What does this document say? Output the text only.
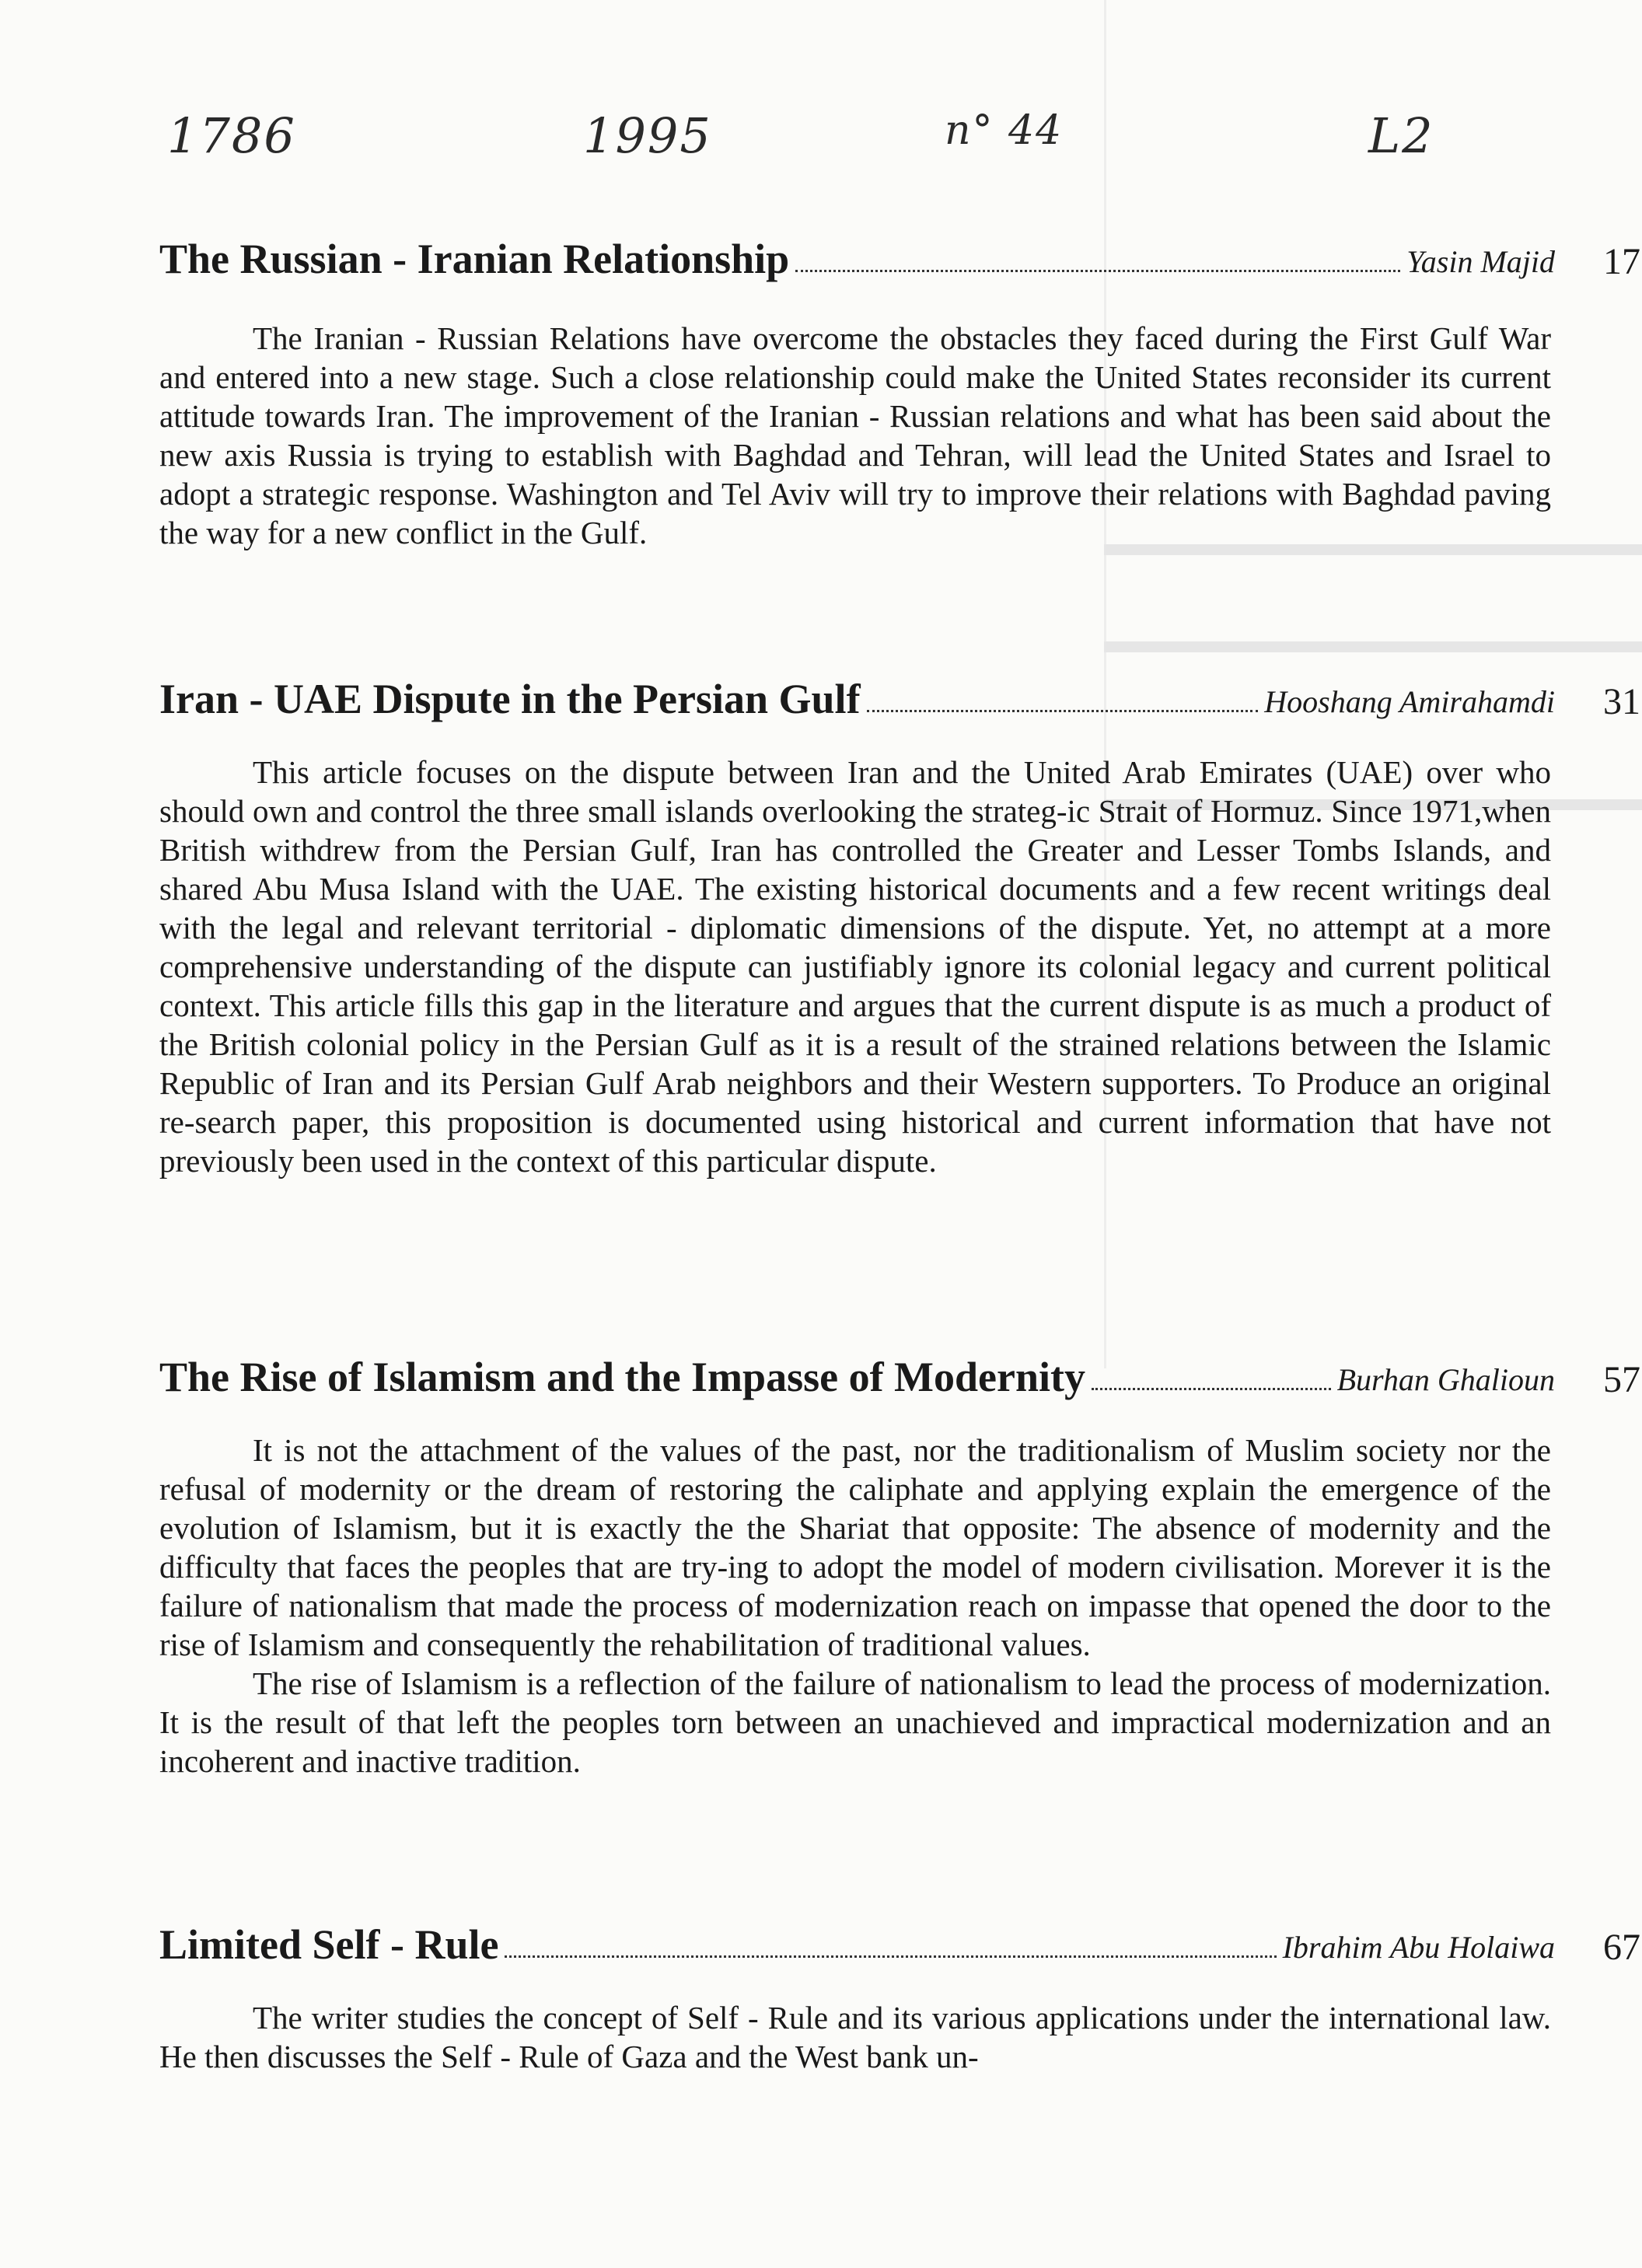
1786	1995	n° 44	L2
The Russian - Iranian Relationship	Yasin Majid 17

The Iranian - Russian Relations have overcome the obstacles they faced during the First Gulf War and entered into a new stage. Such a close relationship could make the United States reconsider its current attitude towards Iran. The improvement of the Iranian - Russian relations and what has been said about the new axis Russia is trying to establish with Baghdad and Tehran, will lead the United States and Israel to adopt a strategic response. Washington and Tel Aviv will try to improve their relations with Baghdad paving the way for a new conflict in the Gulf.

Iran - UAE Dispute in the Persian Gulf	Hooshang Amirahamdi 31

This article focuses on the dispute between Iran and the United Arab Emirates (UAE) over who should own and control the three small islands overlooking the strateg-ic Strait of Hormuz. Since 1971,when British withdrew from the Persian Gulf, Iran has controlled the Greater and Lesser Tombs Islands, and shared Abu Musa Island with the UAE. The existing historical documents and a few recent writings deal with the legal and relevant territorial - diplomatic dimensions of the dispute. Yet, no attempt at a more comprehensive understanding of the dispute can justifiably ignore its colonial legacy and current political context. This article fills this gap in the literature and argues that the current dispute is as much a product of the British colonial policy in the Persian Gulf as it is a result of the strained relations between the Islamic Republic of Iran and its Persian Gulf Arab neighbors and their Western supporters. To Produce an original re-search paper, this proposition is documented using historical and current information that have not previously been used in the context of this particular dispute.

The Rise of Islamism and the Impasse of Modernity	Burhan Ghalioun 57

It is not the attachment of the values of the past, nor the traditionalism of Muslim society nor the refusal of modernity or the dream of restoring the caliphate and applying explain the emergence of the evolution of Islamism, but it is exactly the the Shariat that opposite: The absence of modernity and the difficulty that faces the peoples that are try-ing to adopt the model of modern civilisation. Morever it is the failure of nationalism that made the process of modernization reach on impasse that opened the door to the rise of Islamism and consequently the rehabilitation of traditional values.

The rise of Islamism is a reflection of the failure of nationalism to lead the process of modernization. It is the result of that left the peoples torn between an unachieved and impractical modernization and an incoherent and inactive tradition.

Limited Self - Rule	Ibrahim Abu Holaiwa 67

The writer studies the concept of Self - Rule and its various applications under the international law. He then discusses the Self - Rule of Gaza and the West bank un-
